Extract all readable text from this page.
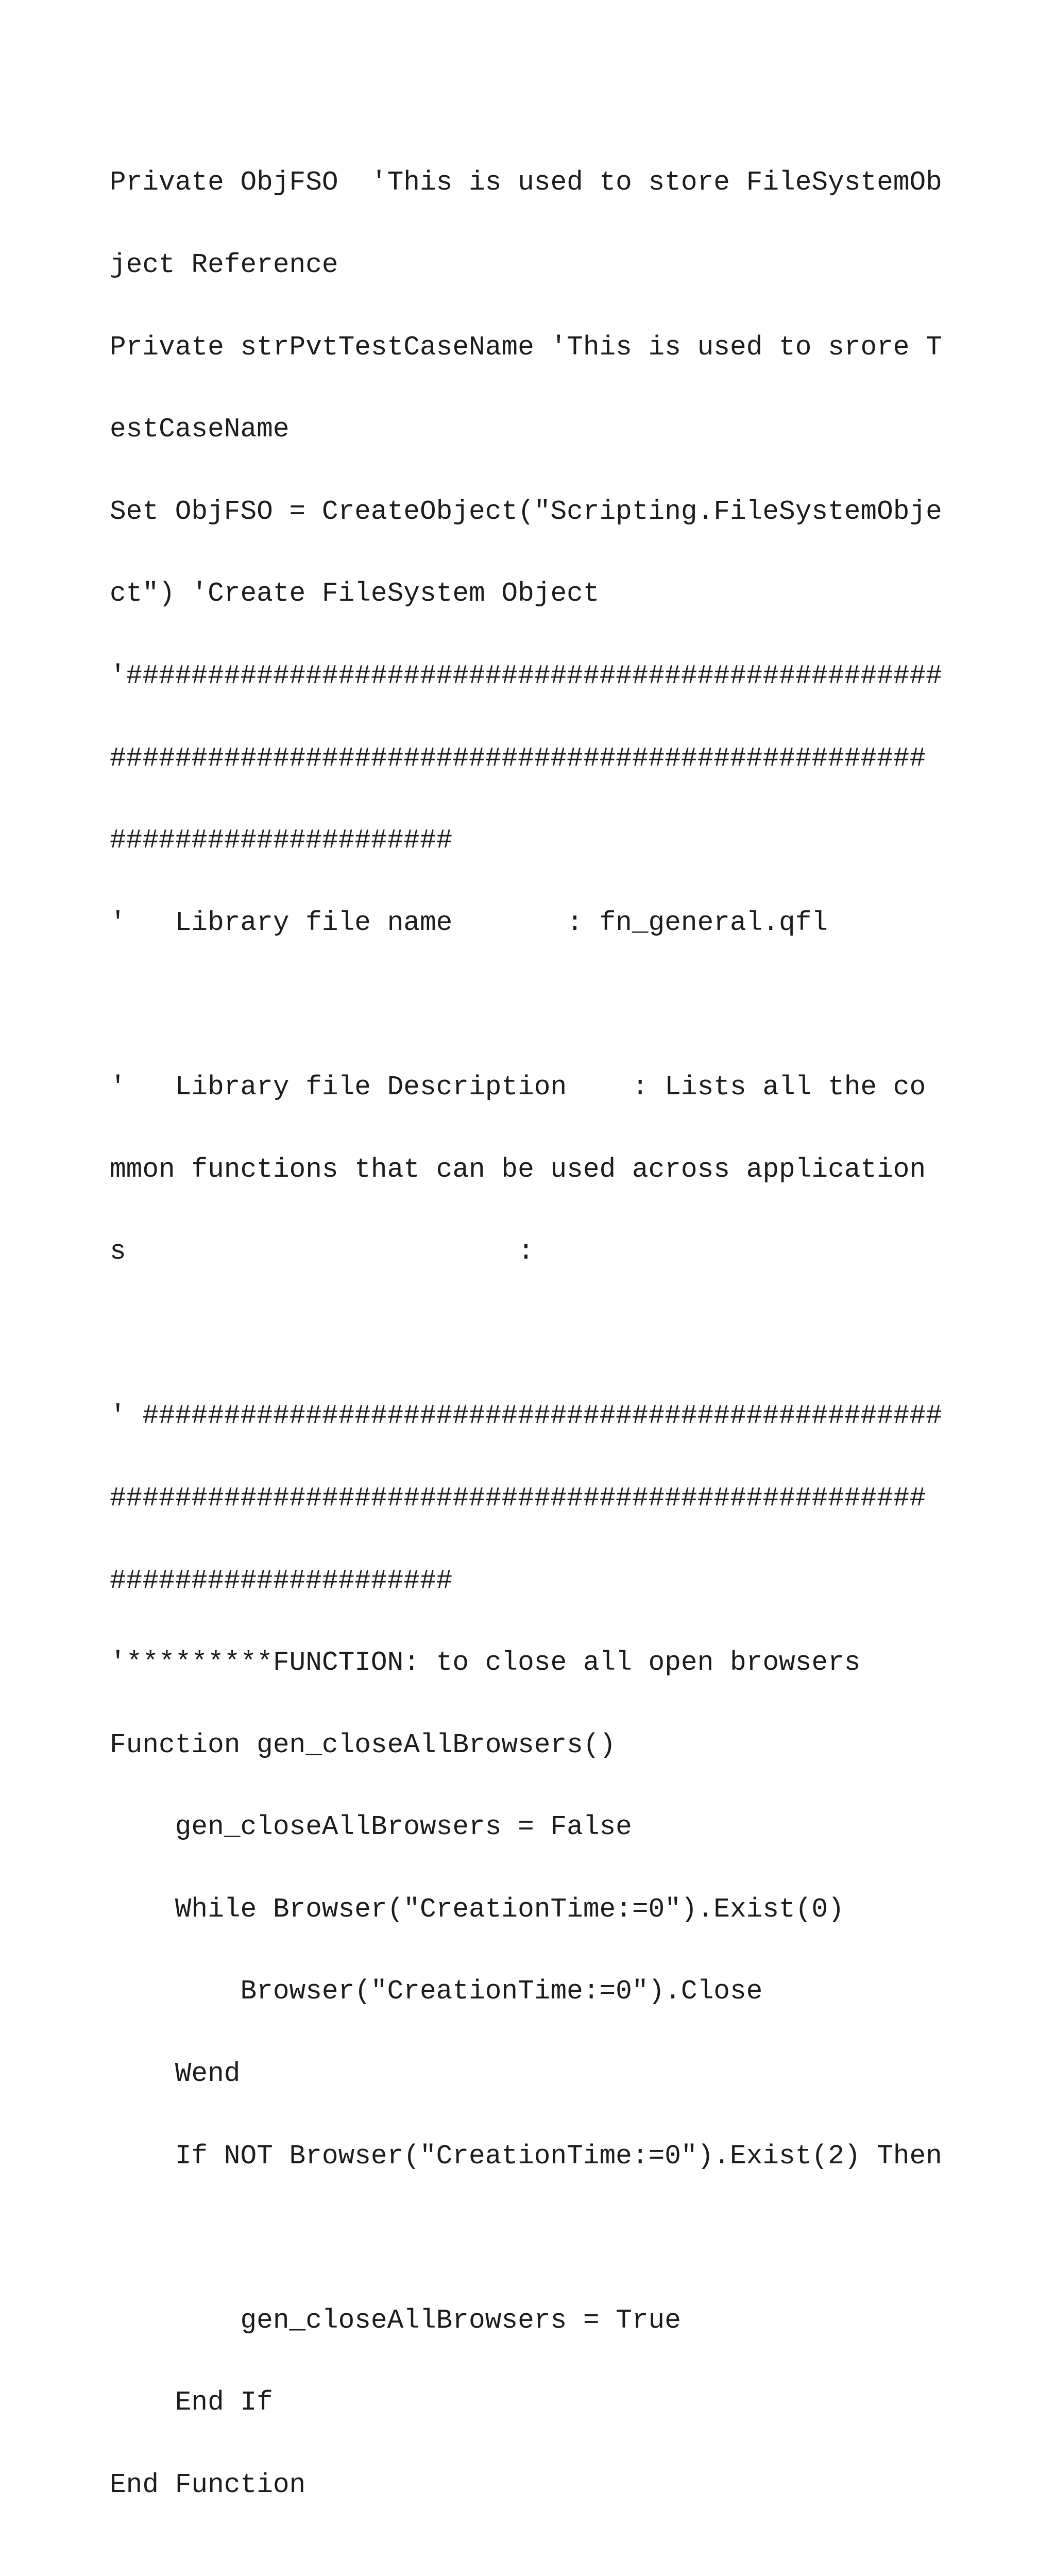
Private ObjFSO  'This is used to store FileSystemOb

ject Reference

Private strPvtTestCaseName 'This is used to srore T

estCaseName

Set ObjFSO = CreateObject("Scripting.FileSystemObje

ct") 'Create FileSystem Object

'##################################################

##################################################

#####################

'   Library file name       : fn_general.qfl

'   Library file Description    : Lists all the co

mmon functions that can be used across application

s                        :

' #################################################

##################################################

#####################

'*********FUNCTION: to close all open browsers

Function gen_closeAllBrowsers()

gen_closeAllBrowsers = False

While Browser("CreationTime:=0").Exist(0)

Browser("CreationTime:=0").Close

Wend

If NOT Browser("CreationTime:=0").Exist(2) Then

gen_closeAllBrowsers = True

End If

End Function
